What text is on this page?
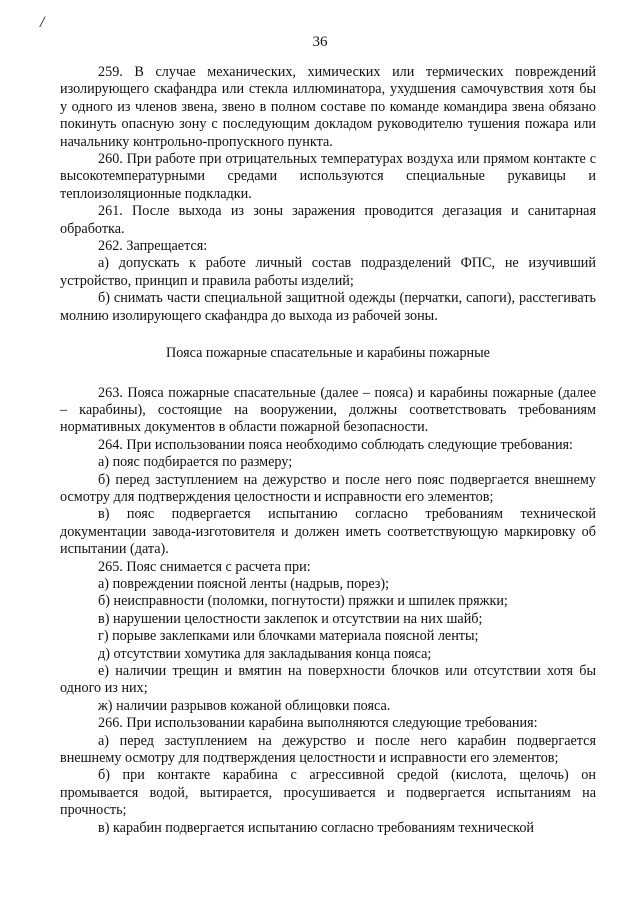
/
36

259. В случае механических, химических или термических повреждений изолирующего скафандра или стекла иллюминатора, ухудшения самочувствия хотя бы у одного из членов звена, звено в полном составе по команде командира звена обязано покинуть опасную зону с последующим докладом руководителю тушения пожара или начальнику контрольно-пропускного пункта.

260. При работе при отрицательных температурах воздуха или прямом контакте с высокотемпературными средами используются специальные рукавицы и теплоизоляционные подкладки.

261. После выхода из зоны заражения проводится дегазация и санитарная обработка.

262. Запрещается:

а) допускать к работе личный состав подразделений ФПС, не изучивший устройство, принцип и правила работы изделий;

б) снимать части специальной защитной одежды (перчатки, сапоги), расстегивать молнию изолирующего скафандра до выхода из рабочей зоны.

Пояса пожарные спасательные и карабины пожарные

263. Пояса пожарные спасательные (далее – пояса) и карабины пожарные (далее – карабины), состоящие на вооружении, должны соответствовать требованиям нормативных документов в области пожарной безопасности.

264. При использовании пояса необходимо соблюдать следующие требования:

а) пояс подбирается по размеру;

б) перед заступлением на дежурство и после него пояс подвергается внешнему осмотру для подтверждения целостности и исправности его элементов;

в) пояс подвергается испытанию согласно требованиям технической документации завода-изготовителя и должен иметь соответствующую маркировку об испытании (дата).

265. Пояс снимается с расчета при:

а) повреждении поясной ленты (надрыв, порез);

б) неисправности (поломки, погнутости) пряжки и шпилек пряжки;

в) нарушении целостности заклепок и отсутствии на них шайб;

г) порыве заклепками или блочками материала поясной ленты;

д) отсутствии хомутика для закладывания конца пояса;

е) наличии трещин и вмятин на поверхности блочков или отсутствии хотя бы одного из них;

ж) наличии разрывов кожаной облицовки пояса.

266. При использовании карабина выполняются следующие требования:

а) перед заступлением на дежурство и после него карабин подвергается внешнему осмотру для подтверждения целостности и исправности его элементов;

б) при контакте карабина с агрессивной средой (кислота, щелочь) он промывается водой, вытирается, просушивается и подвергается испытаниям на прочность;

в) карабин подвергается испытанию согласно требованиям технической
